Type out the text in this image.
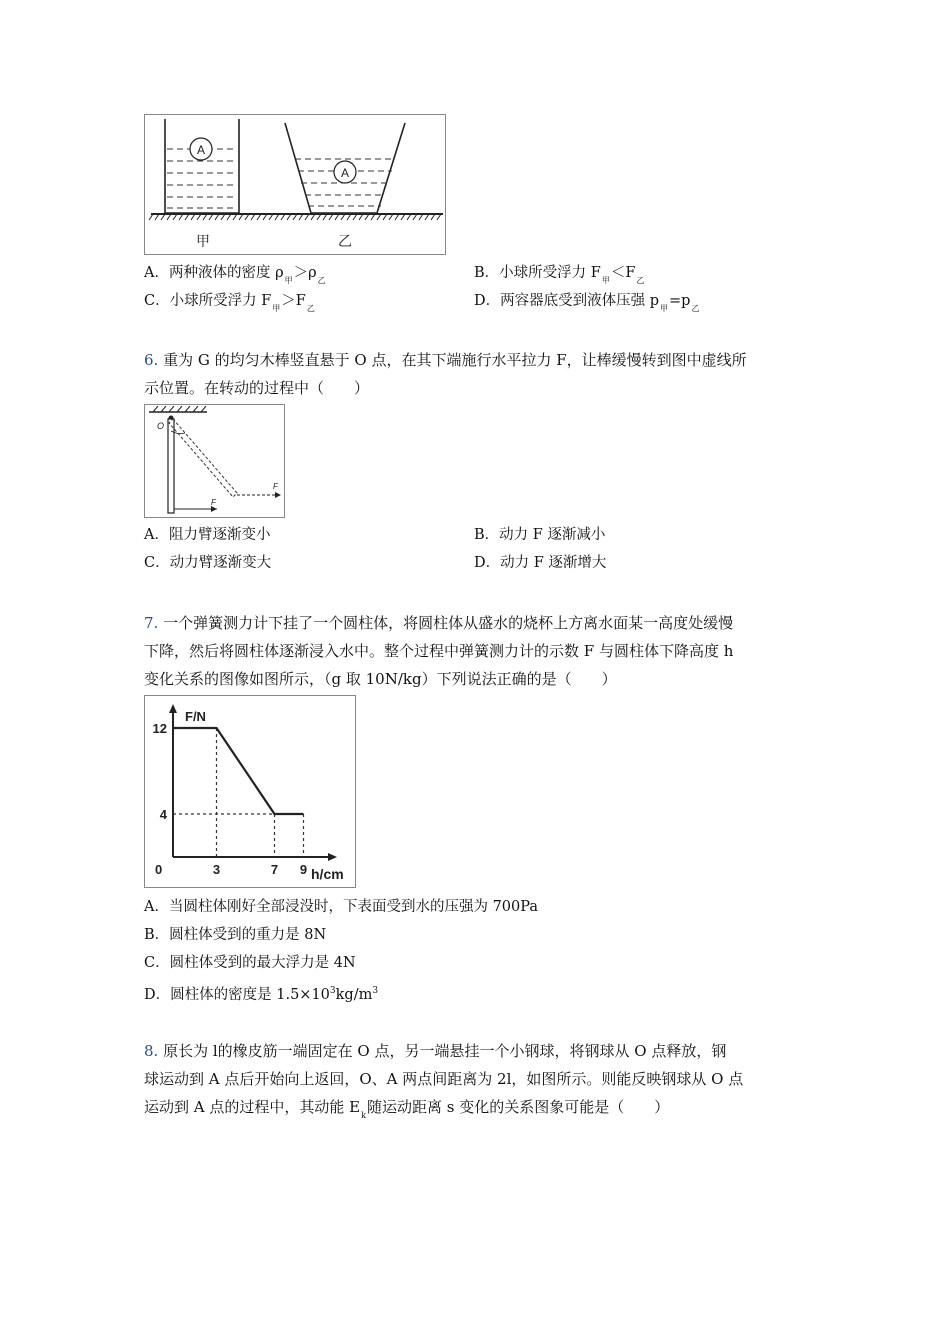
A
A
甲	乙
A．两种液体的密度 $\rho_甲>\rho_乙$	B．小球所受浮力 $F_甲<F_乙$
C．小球所受浮力 $F_甲>F_乙$	D．两容器底受到液体压强 $p_甲=p_乙$
6. 重为 G 的均匀木棒竖直悬于 O 点，在其下端施行水平拉力 F，让棒缓慢转到图中虚线所
示位置。在转动的过程中（　　）
O
F
F
A．阻力臂逐渐变小	B．动力 F 逐渐减小
C．动力臂逐渐变大	D．动力 F 逐渐增大
7. 一个弹簧测力计下挂了一个圆柱体，将圆柱体从盛水的烧杯上方离水面某一高度处缓慢
下降，然后将圆柱体逐渐浸入水中。整个过程中弹簧测力计的示数 F 与圆柱体下降高度 h
变化关系的图像如图所示，（g 取 10N/kg）下列说法正确的是（　　）
F/N
h/cm
0	3	7 9
12
4
A．当圆柱体刚好全部浸没时，下表面受到水的压强为 700Pa
B．圆柱体受到的重力是 8N
C．圆柱体受到的最大浮力是 4N
D．圆柱体的密度是 $1.5\times 10^3kg/m^3$
8. 原长为 l的橡皮筋一端固定在 O 点，另一端悬挂一个小钢球，将钢球从 O 点释放，钢
球运动到 A 点后开始向上返回，O、A 两点间距离为 2l，如图所示。则能反映钢球从 O 点
运动到 A 点的过程中，其动能 $E_k$随运动距离 s 变化的关系图象可能是（　　）
